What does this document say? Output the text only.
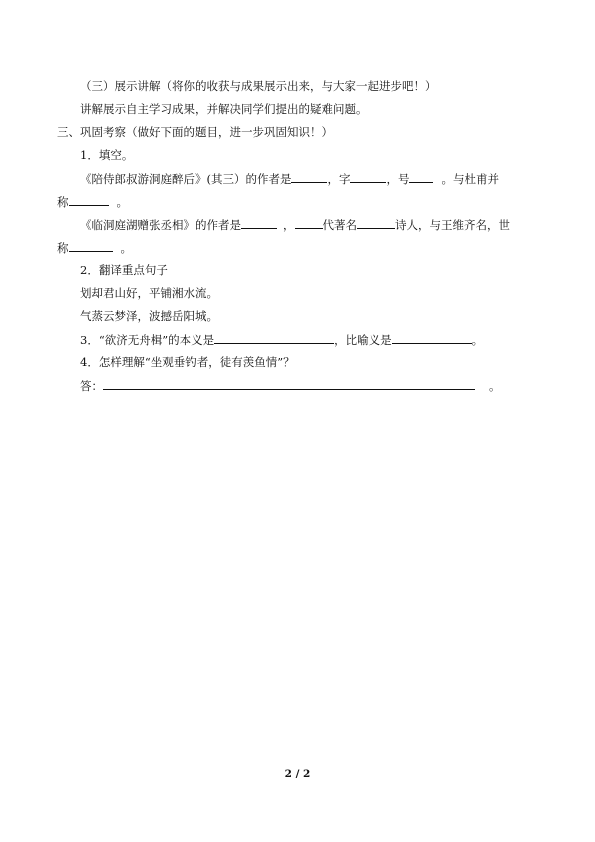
（三）展示讲解（将你的收获与成果展示出来，与大家一起进步吧！）
讲解展示自主学习成果，并解决同学们提出的疑难问题。
三、巩固考察（做好下面的题目，进一步巩固知识！）
1．填空。
《陪侍郎叔游洞庭醉后》(其三）的作者是	，字	，号	。与杜甫并
称	。
《临洞庭湖赠张丞相》的作者是	， 代著名	诗人，与王维齐名，世
称	。
2．翻译重点句子
划却君山好，平铺湘水流。
气蒸云梦泽，波撼岳阳城。
3．“欲济无舟楫”的本义是	，比喻义是	。
4．怎样理解“坐观垂钓者，徒有羡鱼情”？
答：	。
2 / 2
